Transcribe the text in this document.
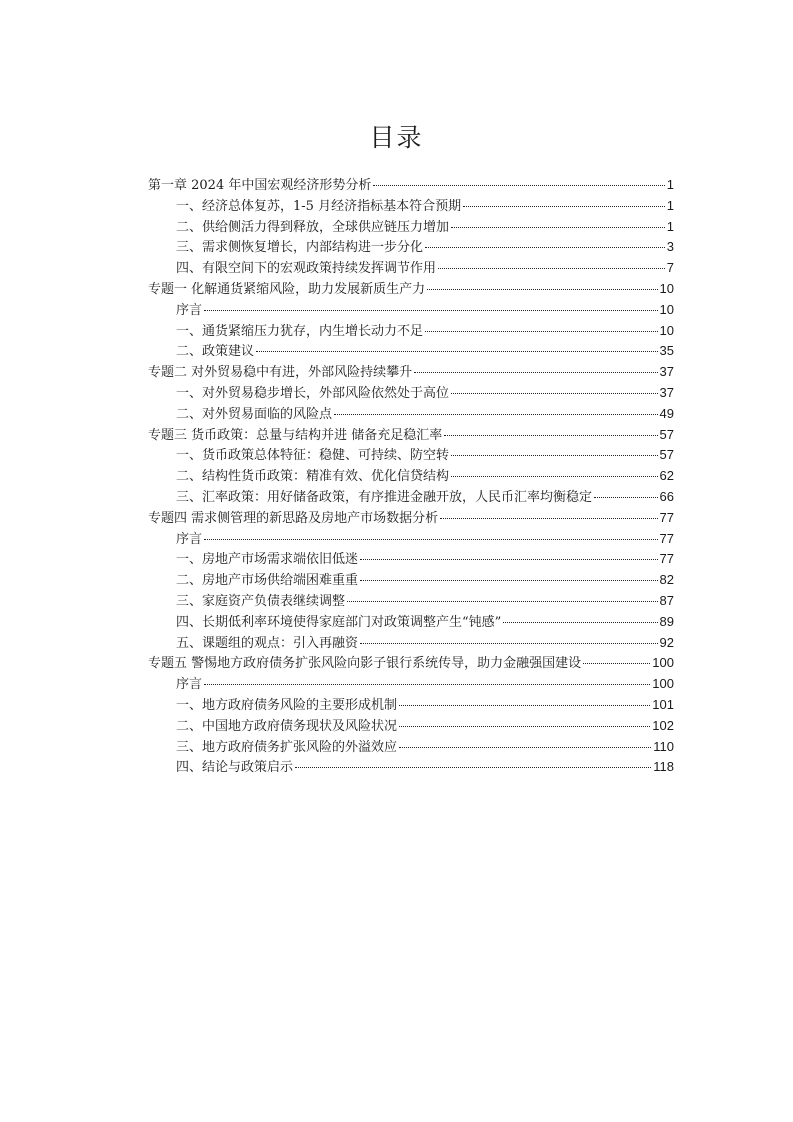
目录
第一章 2024 年中国宏观经济形势分析	1
一、经济总体复苏，1-5 月经济指标基本符合预期	1
二、供给侧活力得到释放，全球供应链压力增加	1
三、需求侧恢复增长，内部结构进一步分化	3
四、有限空间下的宏观政策持续发挥调节作用	7
专题一 化解通货紧缩风险，助力发展新质生产力	10
序言	10
一、通货紧缩压力犹存，内生增长动力不足	10
二、政策建议	35
专题二 对外贸易稳中有进，外部风险持续攀升	37
一、对外贸易稳步增长，外部风险依然处于高位	37
二、对外贸易面临的风险点	49
专题三 货币政策：总量与结构并进 储备充足稳汇率	57
一、货币政策总体特征：稳健、可持续、防空转	57
二、结构性货币政策：精准有效、优化信贷结构	62
三、汇率政策：用好储备政策，有序推进金融开放，人民币汇率均衡稳定	66
专题四 需求侧管理的新思路及房地产市场数据分析	77
序言	77
一、房地产市场需求端依旧低迷	77
二、房地产市场供给端困难重重	82
三、家庭资产负债表继续调整	87
四、长期低利率环境使得家庭部门对政策调整产生“钝感”	89
五、课题组的观点：引入再融资	92
专题五 警惕地方政府债务扩张风险向影子银行系统传导，助力金融强国建设	100
序言	100
一、地方政府债务风险的主要形成机制	101
二、中国地方政府债务现状及风险状况	102
三、地方政府债务扩张风险的外溢效应	110
四、结论与政策启示	118
